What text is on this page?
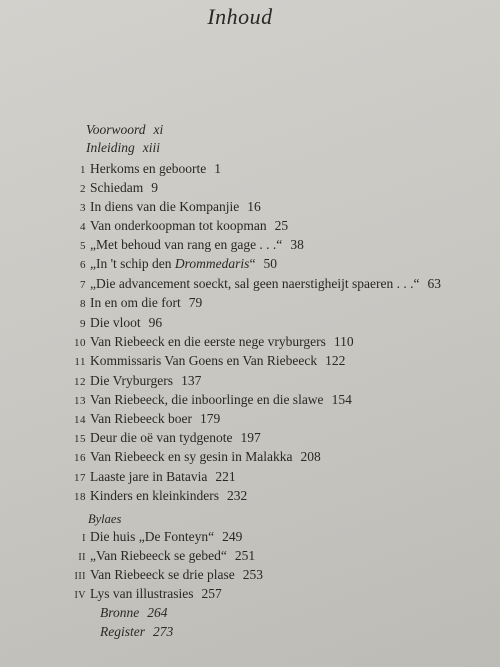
Inhoud
Voorwoord xi
Inleiding xiii
1 Herkoms en geboorte 1
2 Schiedam 9
3 In diens van die Kompanjie 16
4 Van onderkoopman tot koopman 25
5 „Met behoud van rang en gage . . .“ 38
6 „In 't schip den Drommedaris“ 50
7 „Die advancement soeckt, sal geen naerstigheijt spaeren . . .“ 63
8 In en om die fort 79
9 Die vloot 96
10 Van Riebeeck en die eerste nege vryburgers 110
11 Kommissaris Van Goens en Van Riebeeck 122
12 Die Vryburgers 137
13 Van Riebeeck, die inboorlinge en die slawe 154
14 Van Riebeeck boer 179
15 Deur die oë van tydgenote 197
16 Van Riebeeck en sy gesin in Malakka 208
17 Laaste jare in Batavia 221
18 Kinders en kleinkinders 232
Bylaes
I Die huis „De Fonteyn“ 249
II „Van Riebeeck se gebed“ 251
III Van Riebeeck se drie plase 253
IV Lys van illustrasies 257
Bronne 264
Register 273
